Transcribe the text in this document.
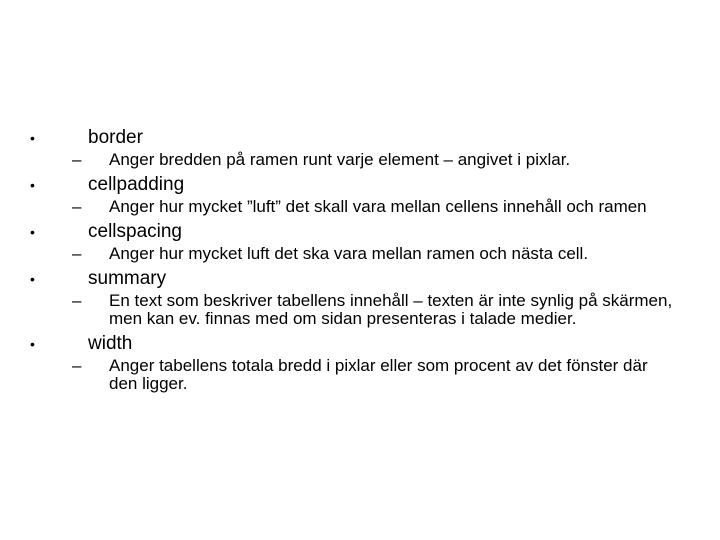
•	border
– Anger bredden på ramen runt varje element – angivet i pixlar.
•	cellpadding
– Anger hur mycket ”luft” det skall vara mellan cellens innehåll och ramen
•	cellspacing
– Anger hur mycket luft det ska vara mellan ramen och nästa cell.
•	summary
– En text som beskriver tabellens innehåll – texten är inte synlig på skärmen, men kan ev. finnas med om sidan presenteras i talade medier.
•	width
– Anger tabellens totala bredd i pixlar eller som procent av det fönster där den ligger.
